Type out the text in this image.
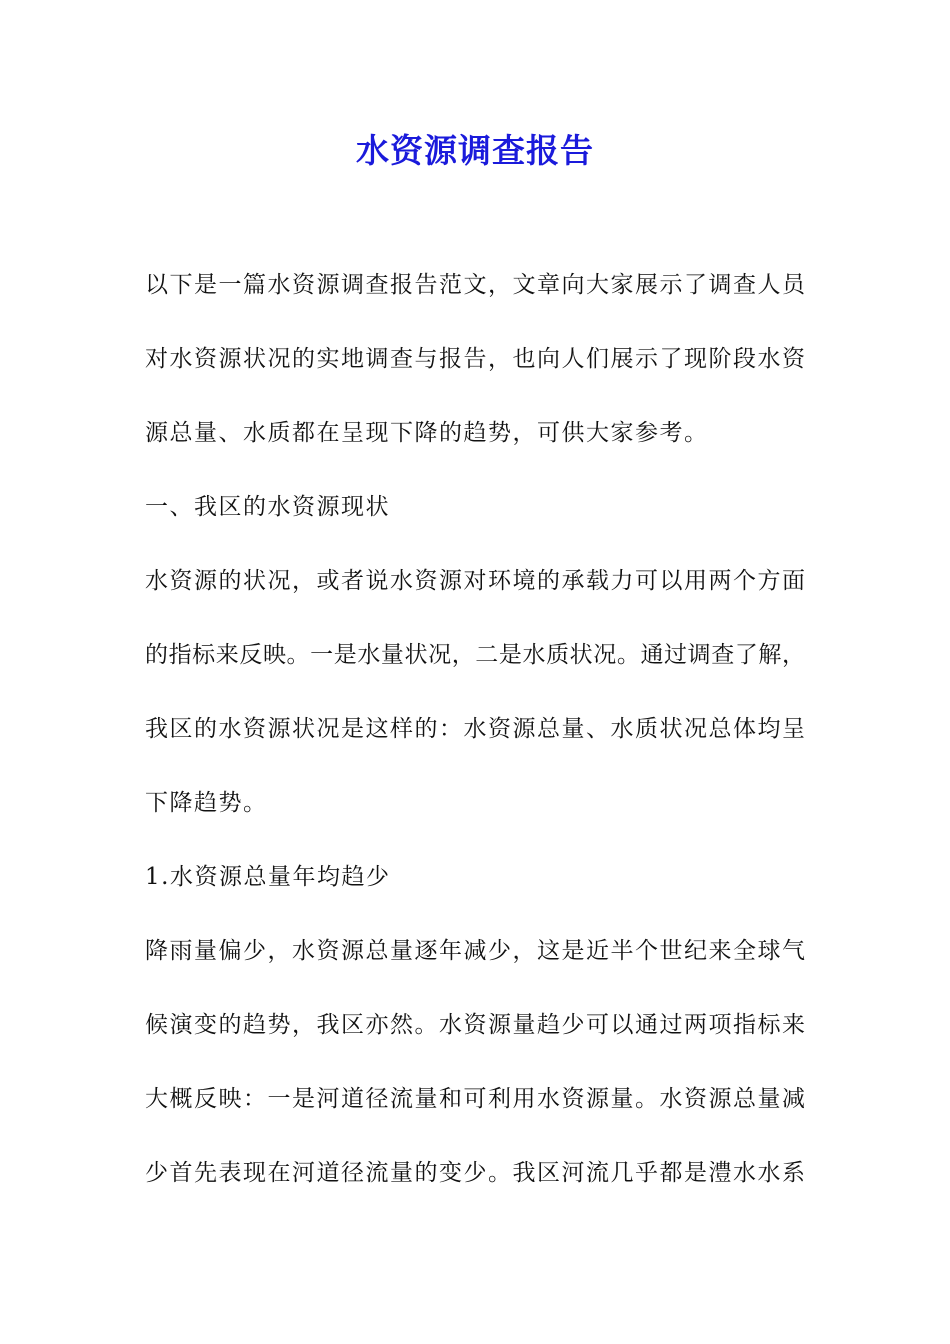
水资源调查报告

以下是一篇水资源调查报告范文，文章向大家展示了调查人员

对水资源状况的实地调查与报告，也向人们展示了现阶段水资

源总量、水质都在呈现下降的趋势，可供大家参考。

一、我区的水资源现状

水资源的状况，或者说水资源对环境的承载力可以用两个方面

的指标来反映。一是水量状况，二是水质状况。通过调查了解，

我区的水资源状况是这样的：水资源总量、水质状况总体均呈

下降趋势。

1.水资源总量年均趋少

降雨量偏少，水资源总量逐年减少，这是近半个世纪来全球气

候演变的趋势，我区亦然。水资源量趋少可以通过两项指标来

大概反映：一是河道径流量和可利用水资源量。水资源总量减

少首先表现在河道径流量的变少。我区河流几乎都是澧水水系
